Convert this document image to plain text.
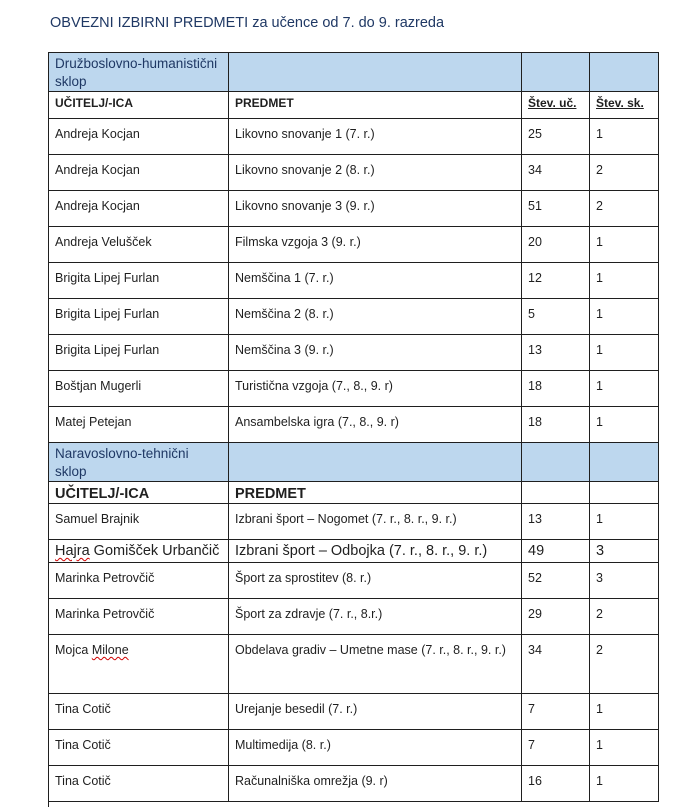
OBVEZNI IZBIRNI PREDMETI za učence od 7. do 9. razreda
Družboslovno-humanistični sklop			
UČITELJ/-ICA	PREDMET	Štev. uč.	Štev. sk.
Andreja Kocjan	Likovno snovanje 1 (7. r.)	25	1
Andreja Kocjan	Likovno snovanje 2 (8. r.)	34	2
Andreja Kocjan	Likovno snovanje 3 (9. r.)	51	2
Andreja Velušček	Filmska vzgoja 3 (9. r.)	20	1
Brigita Lipej Furlan	Nemščina 1 (7. r.)	12	1
Brigita Lipej Furlan	Nemščina 2 (8. r.)	5	1
Brigita Lipej Furlan	Nemščina 3 (9. r.)	13	1
Boštjan Mugerli	Turistična vzgoja (7., 8., 9. r)	18	1
Matej Petejan	Ansambelska igra (7., 8., 9. r)	18	1
Naravoslovno-tehnični sklop			
UČITELJ/-ICA	PREDMET		
Samuel Brajnik	Izbrani šport – Nogomet (7. r., 8. r., 9. r.)	13	1
Hajra Gomišček Urbančič	Izbrani šport – Odbojka (7. r., 8. r., 9. r.)	49	3
Marinka Petrovčič	Šport za sprostitev (8. r.)	52	3
Marinka Petrovčič	Šport za zdravje (7. r., 8.r.)	29	2
Mojca Milone	Obdelava gradiv – Umetne mase (7. r., 8. r., 9. r.)	34	2
Tina Cotič	Urejanje besedil (7. r.)	7	1
Tina Cotič	Multimedija (8. r.)	7	1
Tina Cotič	Računalniška omrežja (9. r)	16	1
